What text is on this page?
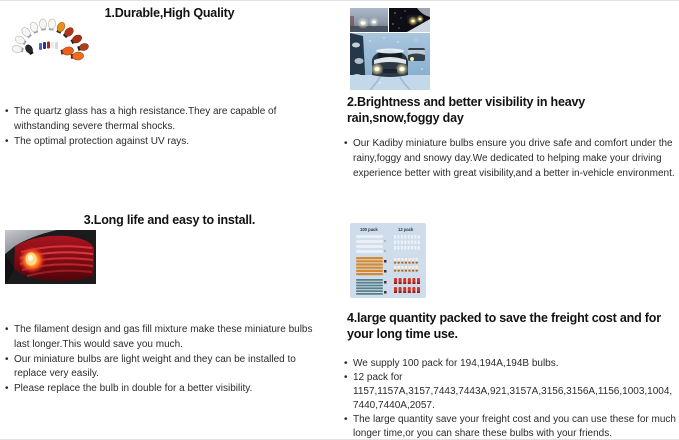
1.Durable,High Quality
• The quartz glass has a high resistance.They are capable of withstanding severe thermal shocks.
• The optimal protection against UV rays.
2.Brightness and better visibility in heavy rain,snow,foggy day
• Our Kadiby miniature bulbs ensure you drive safe and comfort under the rainy,foggy and snowy day.We dedicated to helping make your driving experience better with great visibility,and a better in-vehicle environment.
3.Long life and easy to install.
• The filament design and gas fill mixture make these miniature bulbs last longer.This would save you much.
• Our miniature bulbs are light weight and they can be installed to replace very easily.
• Please replace the bulb in double for a better visibility.
100 pack	12 pack
4.large quantity packed to save the freight cost and for your long time use.
• We supply 100 pack for 194,194A,194B bulbs.
• 12 pack for 1157,1157A,3157,7443,7443A,921,3157A,3156,3156A,1156,1003,1004,7440,7440A,2057.
• The large quantity save your freight cost and you can use these for much longer time,or you can share these bulbs with your friends.
